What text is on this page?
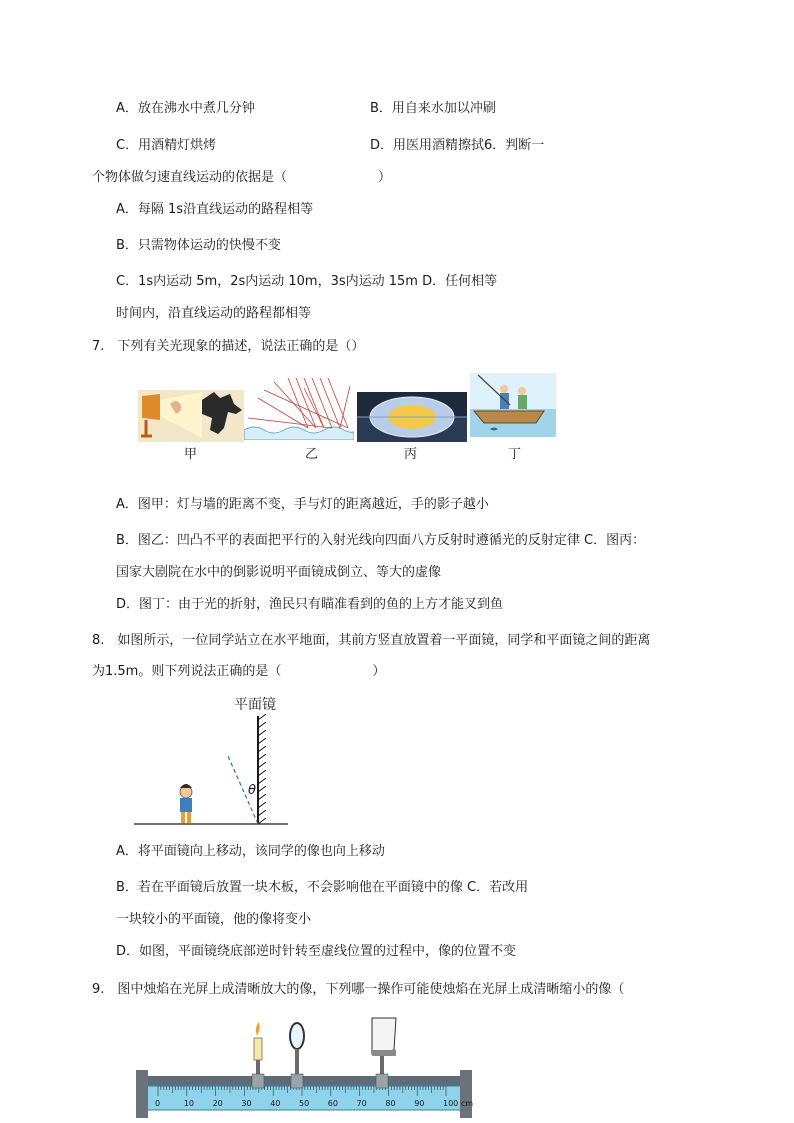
A．放在沸水中煮几分钟	B．用自来水加以冲刷
C．用酒精灯烘烤	D．用医用酒精擦拭6．判断一
个物体做匀速直线运动的依据是（　　　　　　　）
A．每隔 1s沿直线运动的路程相等
B．只需物体运动的快慢不变
C．1s内运动 5m，2s内运动 10m，3s内运动 15m D．任何相等
时间内，沿直线运动的路程都相等
7.　下列有关光现象的描述，说法正确的是（）
甲	乙	丙	丁
A．图甲：灯与墙的距离不变，手与灯的距离越近，手的影子越小
B．图乙：凹凸不平的表面把平行的入射光线向四面八方反射时遵循光的反射定律 C．图丙：
国家大剧院在水中的倒影说明平面镜成倒立、等大的虚像
D．图丁：由于光的折射，渔民只有瞄准看到的鱼的上方才能叉到鱼
8.　如图所示，一位同学站立在水平地面，其前方竖直放置着一平面镜，同学和平面镜之间的距离
为1.5m。则下列说法正确的是（　　　　　　　）
平面镜
θ
A．将平面镜向上移动，该同学的像也向上移动
B．若在平面镜后放置一块木板，不会影响他在平面镜中的像 C．若改用
一块较小的平面镜，他的像将变小
D．如图，平面镜绕底部逆时针转至虚线位置的过程中，像的位置不变
9.　图中烛焰在光屏上成清晰放大的像，下列哪一操作可能使烛焰在光屏上成清晰缩小的像（
0	10 20 30 40 50 60 70 80 90 100 cm
